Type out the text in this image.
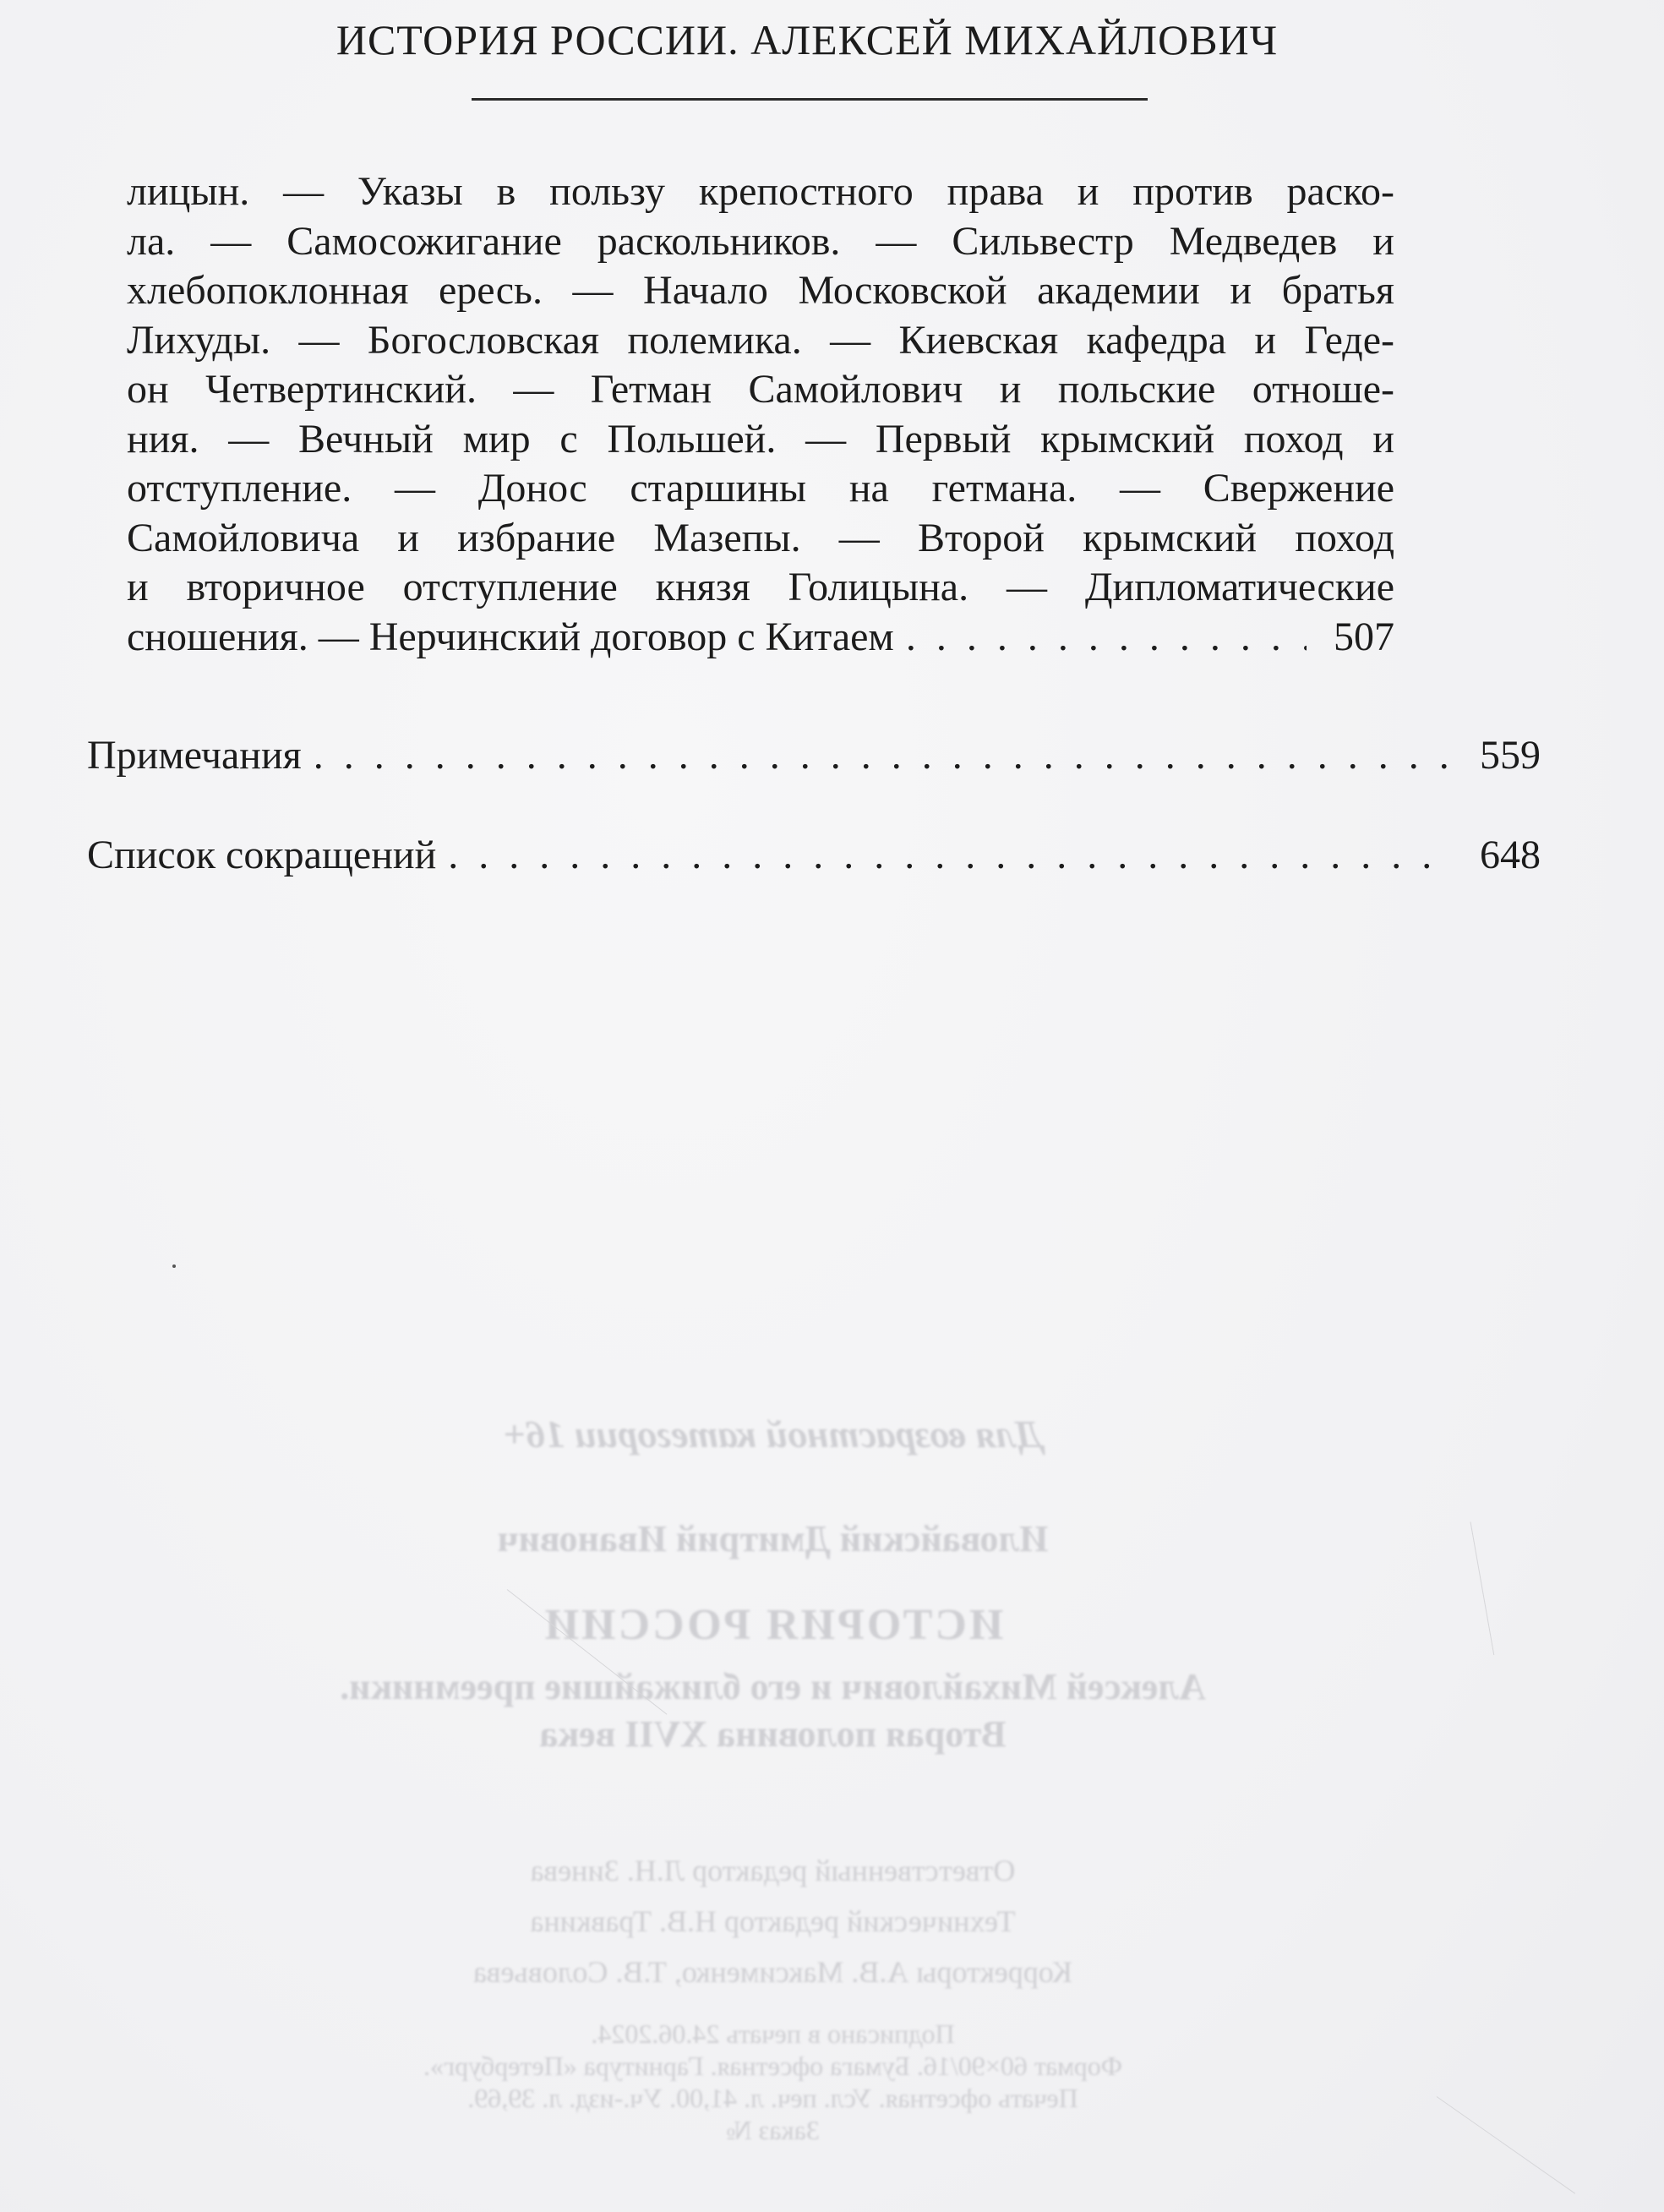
ИСТОРИЯ РОССИИ. АЛЕКСЕЙ МИХАЙЛОВИЧ
лицын. — Указы в пользу крепостного права и против раско-
ла. — Самосожигание раскольников. — Сильвестр Медведев и
хлебопоклонная ересь. — Начало Московской академии и братья
Лихуды. — Богословская полемика. — Киевская кафедра и Геде-
он Четвертинский. — Гетман Самойлович и польские отноше-
ния. — Вечный мир с Польшей. — Первый крымский поход и
отступление. — Донос старшины на гетмана. — Свержение
Самойловича и избрание Мазепы. — Второй крымский поход
и вторичное отступление князя Голицына. — Дипломатические
сношения. — Нерчинский договор с Китаем . . .	507
Примечания . . .	559
Список сокращений . . .	648
Для возрастной категории 16+
Иловайский Дмитрий Иванович
ИСТОРИЯ РОССИИ
Алексей Михайлович и его ближайшие преемники.
Вторая половина XVII века
Ответственный редактор Л.Н. Зинева
Технический редактор Н.В. Травкина
Корректоры А.В. Максименко, Т.В. Соловьева
Подписано в печать 24.06.2024.
Формат 60×90/16. Бумага офсетная. Гарнитура «Петербург».
Печать офсетная. Усл. печ. л. 41,00. Уч.-изд. л. 39,69.
Заказ №
